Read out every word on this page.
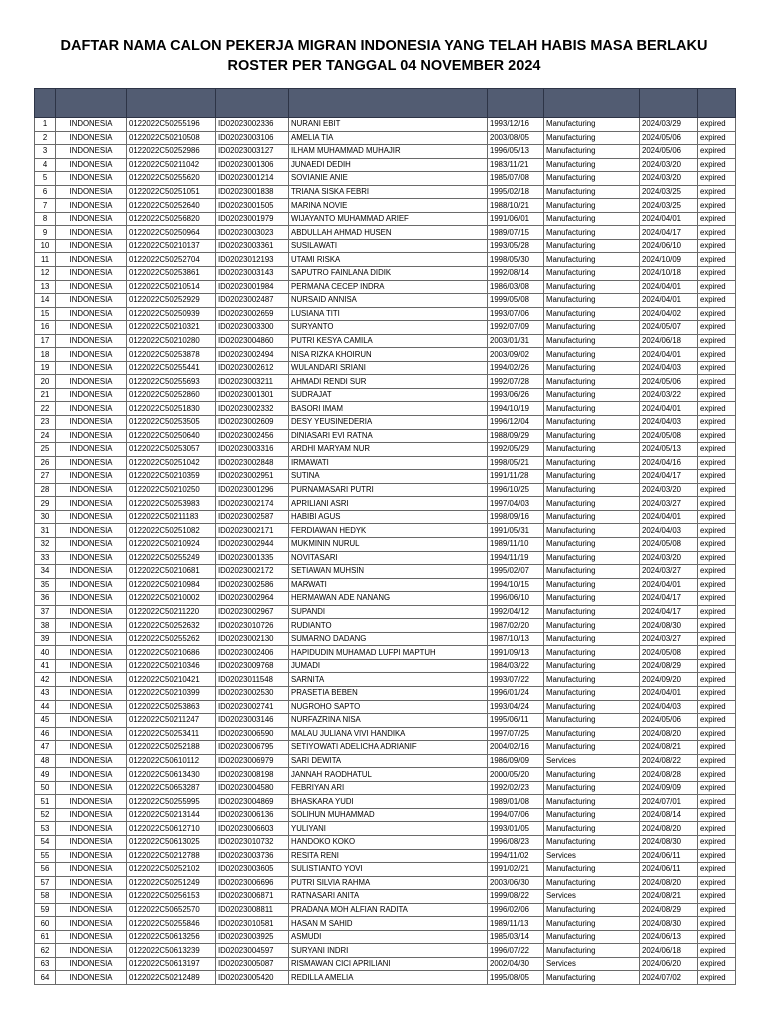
DAFTAR NAMA CALON PEKERJA MIGRAN INDONESIA YANG TELAH HABIS MASA BERLAKU
ROSTER PER TANGGAL 04 NOVEMBER 2024

1	INDONESIA	0122022C50255196	ID02023002336	NURANI EBIT	1993/12/16	Manufacturing	2024/03/29	expired
2	INDONESIA	0122022C50210508	ID02023003106	AMELIA TIA	2003/08/05	Manufacturing	2024/05/06	expired
3	INDONESIA	0122022C50252986	ID02023003127	ILHAM MUHAMMAD MUHAJIR	1996/05/13	Manufacturing	2024/05/06	expired
4	INDONESIA	0122022C50211042	ID02023001306	JUNAEDI DEDIH	1983/11/21	Manufacturing	2024/03/20	expired
5	INDONESIA	0122022C50255620	ID02023001214	SOVIANIE ANIE	1985/07/08	Manufacturing	2024/03/20	expired
6	INDONESIA	0122022C50251051	ID02023001838	TRIANA SISKA FEBRI	1995/02/18	Manufacturing	2024/03/25	expired
7	INDONESIA	0122022C50252640	ID02023001505	MARINA NOVIE	1988/10/21	Manufacturing	2024/03/25	expired
8	INDONESIA	0122022C50256820	ID02023001979	WIJAYANTO MUHAMMAD ARIEF	1991/06/01	Manufacturing	2024/04/01	expired
9	INDONESIA	0122022C50250964	ID02023003023	ABDULLAH AHMAD HUSEN	1989/07/15	Manufacturing	2024/04/17	expired
10	INDONESIA	0122022C50210137	ID02023003361	SUSILAWATI	1993/05/28	Manufacturing	2024/06/10	expired
11	INDONESIA	0122022C50252704	ID02023012193	UTAMI RISKA	1998/05/30	Manufacturing	2024/10/09	expired
12	INDONESIA	0122022C50253861	ID02023003143	SAPUTRO FAINLANA DIDIK	1992/08/14	Manufacturing	2024/10/18	expired
13	INDONESIA	0122022C50210514	ID02023001984	PERMANA CECEP INDRA	1986/03/08	Manufacturing	2024/04/01	expired
14	INDONESIA	0122022C50252929	ID02023002487	NURSAID ANNISA	1999/05/08	Manufacturing	2024/04/01	expired
15	INDONESIA	0122022C50250939	ID02023002659	LUSIANA TITI	1993/07/06	Manufacturing	2024/04/02	expired
16	INDONESIA	0122022C50210321	ID02023003300	SURYANTO	1992/07/09	Manufacturing	2024/05/07	expired
17	INDONESIA	0122022C50210280	ID02023004860	PUTRI KESYA CAMILA	2003/01/31	Manufacturing	2024/06/18	expired
18	INDONESIA	0122022C50253878	ID02023002494	NISA RIZKA KHOIRUN	2003/09/02	Manufacturing	2024/04/01	expired
19	INDONESIA	0122022C50255441	ID02023002612	WULANDARI SRIANI	1994/02/26	Manufacturing	2024/04/03	expired
20	INDONESIA	0122022C50255693	ID02023003211	AHMADI RENDI SUR	1992/07/28	Manufacturing	2024/05/06	expired
21	INDONESIA	0122022C50252860	ID02023001301	SUDRAJAT	1993/06/26	Manufacturing	2024/03/22	expired
22	INDONESIA	0122022C50251830	ID02023002332	BASORI IMAM	1994/10/19	Manufacturing	2024/04/01	expired
23	INDONESIA	0122022C50253505	ID02023002609	DESY YEUSINEDERIA	1996/12/04	Manufacturing	2024/04/03	expired
24	INDONESIA	0122022C50250640	ID02023002456	DINIASARI EVI RATNA	1988/09/29	Manufacturing	2024/05/08	expired
25	INDONESIA	0122022C50253057	ID02023003316	ARDHI MARYAM NUR	1992/05/29	Manufacturing	2024/05/13	expired
26	INDONESIA	0122022C50251042	ID02023002848	IRMAWATI	1998/05/21	Manufacturing	2024/04/16	expired
27	INDONESIA	0122022C50210359	ID02023002951	SUTINA	1991/11/28	Manufacturing	2024/04/17	expired
28	INDONESIA	0122022C50210250	ID02023001296	PURNAMASARI PUTRI	1996/10/25	Manufacturing	2024/03/20	expired
29	INDONESIA	0122022C50253983	ID02023002174	APRILIANI ASRI	1997/04/03	Manufacturing	2024/03/27	expired
30	INDONESIA	0122022C50211183	ID02023002587	HABIBI AGUS	1998/09/16	Manufacturing	2024/04/01	expired
31	INDONESIA	0122022C50251082	ID02023002171	FERDIAWAN HEDYK	1991/05/31	Manufacturing	2024/04/03	expired
32	INDONESIA	0122022C50210924	ID02023002944	MUKMININ NURUL	1989/11/10	Manufacturing	2024/05/08	expired
33	INDONESIA	0122022C50255249	ID02023001335	NOVITASARI	1994/11/19	Manufacturing	2024/03/20	expired
34	INDONESIA	0122022C50210681	ID02023002172	SETIAWAN MUHSIN	1995/02/07	Manufacturing	2024/03/27	expired
35	INDONESIA	0122022C50210984	ID02023002586	MARWATI	1994/10/15	Manufacturing	2024/04/01	expired
36	INDONESIA	0122022C50210002	ID02023002964	HERMAWAN ADE NANANG	1996/06/10	Manufacturing	2024/04/17	expired
37	INDONESIA	0122022C50211220	ID02023002967	SUPANDI	1992/04/12	Manufacturing	2024/04/17	expired
38	INDONESIA	0122022C50252632	ID02023010726	RUDIANTO	1987/02/20	Manufacturing	2024/08/30	expired
39	INDONESIA	0122022C50255262	ID02023002130	SUMARNO DADANG	1987/10/13	Manufacturing	2024/03/27	expired
40	INDONESIA	0122022C50210686	ID02023002406	HAPIDUDIN MUHAMAD LUFPI MAPTUH	1991/09/13	Manufacturing	2024/05/08	expired
41	INDONESIA	0122022C50210346	ID02023009768	JUMADI	1984/03/22	Manufacturing	2024/08/29	expired
42	INDONESIA	0122022C50210421	ID02023011548	SARNITA	1993/07/22	Manufacturing	2024/09/20	expired
43	INDONESIA	0122022C50210399	ID02023002530	PRASETIA BEBEN	1996/01/24	Manufacturing	2024/04/01	expired
44	INDONESIA	0122022C50253863	ID02023002741	NUGROHO SAPTO	1993/04/24	Manufacturing	2024/04/03	expired
45	INDONESIA	0122022C50211247	ID02023003146	NURFAZRINA NISA	1995/06/11	Manufacturing	2024/05/06	expired
46	INDONESIA	0122022C50253411	ID02023006590	MALAU JULIANA VIVI HANDIKA	1997/07/25	Manufacturing	2024/08/20	expired
47	INDONESIA	0122022C50252188	ID02023006795	SETIYOWATI ADELICHA ADRIANIF	2004/02/16	Manufacturing	2024/08/21	expired
48	INDONESIA	0122022C50610112	ID02023006979	SARI DEWITA	1986/09/09	Services	2024/08/22	expired
49	INDONESIA	0122022C50613430	ID02023008198	JANNAH RAODHATUL	2000/05/20	Manufacturing	2024/08/28	expired
50	INDONESIA	0122022C50653287	ID02023004580	FEBRIYAN ARI	1992/02/23	Manufacturing	2024/09/09	expired
51	INDONESIA	0122022C50255995	ID02023004869	BHASKARA YUDI	1989/01/08	Manufacturing	2024/07/01	expired
52	INDONESIA	0122022C50213144	ID02023006136	SOLIHUN MUHAMMAD	1994/07/06	Manufacturing	2024/08/14	expired
53	INDONESIA	0122022C50612710	ID02023006603	YULIYANI	1993/01/05	Manufacturing	2024/08/20	expired
54	INDONESIA	0122022C50613025	ID02023010732	HANDOKO KOKO	1996/08/23	Manufacturing	2024/08/30	expired
55	INDONESIA	0122022C50212788	ID02023003736	RESITA RENI	1994/11/02	Services	2024/06/11	expired
56	INDONESIA	0122022C50252102	ID02023003605	SULISTIANTO YOVI	1991/02/21	Manufacturing	2024/06/11	expired
57	INDONESIA	0122022C50251249	ID02023006696	PUTRI SILVIA RAHMA	2003/06/30	Manufacturing	2024/08/20	expired
58	INDONESIA	0122022C50256153	ID02023006871	RATNASARI ANITA	1999/08/22	Services	2024/08/21	expired
59	INDONESIA	0122022C50652570	ID02023008811	PRADANA MOH ALFIAN RADITA	1996/02/06	Manufacturing	2024/08/29	expired
60	INDONESIA	0122022C50255846	ID02023010581	HASAN M SAHID	1989/11/13	Manufacturing	2024/08/30	expired
61	INDONESIA	0122022C50613256	ID02023003925	ASMUDI	1985/03/14	Manufacturing	2024/06/13	expired
62	INDONESIA	0122022C50613239	ID02023004597	SURYANI INDRI	1996/07/22	Manufacturing	2024/06/18	expired
63	INDONESIA	0122022C50613197	ID02023005087	RISMAWAN CICI APRILIANI	2002/04/30	Services	2024/06/20	expired
64	INDONESIA	0122022C50212489	ID02023005420	REDILLA AMELIA	1995/08/05	Manufacturing	2024/07/02	expired
